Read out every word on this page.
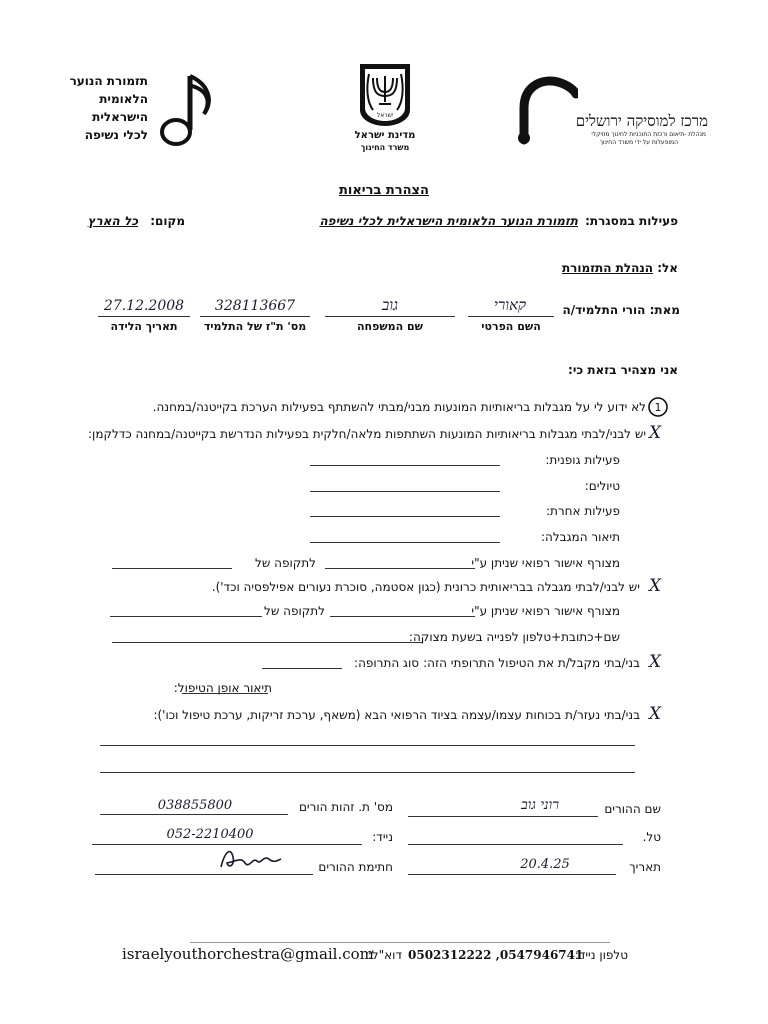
תזמורת הנוער
הלאומית
הישראלית
לכלי נשיפה
ישראל
מדינת ישראל
משרד החינוך
מרכז למוסיקה ירושלים
מנהלת -תיאום ורכזת התוכניות לחינוך מוזיקלי
המופעלות על ידי משרד החינוך
הצהרת בריאות
פעילות במסגרת:
תזמורת הנוער הלאומית הישראלית לכלי נשיפה
מקום:
כל הארץ
אל:
הנהלת התזמורת
מאת: הורי התלמיד/ה
קאורי
השם הפרטי
גוב
שם המשפחה
328113667
מס' ת"ז של התלמיד
27.12.2008
תאריך הלידה
אני מצהיר בזאת כי:
1
לא ידוע לי על מגבלות בריאותיות המונעות מבני/מבתי להשתתף בפעילות הערכת בקייטנה/במחנה.
X
יש לבני/לבתי מגבלות בריאותיות המונעות השתתפות מלאה/חלקית בפעילות הנדרשת בקייטנה/במחנה כדלקמן:
פעילות גופנית:
טיולים:
פעילות אחרת:
תיאור המגבלה:
מצורף אישור רפואי שניתן ע"י
לתקופה של
X
יש לבני/לבתי מגבלה בבריאותית כרונית (כגון אסטמה, סוכרת נעורים אפילפסיה וכד').
מצורף אישור רפואי שניתן ע"י
לתקופה של
שם+כתובת+טלפון לפנייה בשעת מצוקה:
X
בני/בתי מקבל/ת את הטיפול התרופתי הזה:
סוג התרופה:
תיאור אופן הטיפול:
X
בני/בתי נעזר/ת בכוחות עצמו/עצמה בציוד הרפואי הבא (משאף, ערכת זריקות, ערכת טיפול וכו'):
שם ההורים
רוני גוב
מס' ת. זהות הורים
038855800
טל.
נייד:
052-2210400
תאריך
20.4.25
חתימת ההורים
טלפון נייד:
0502312222 ,0547946741
דוא"ל:
israelyouthorchestra@gmail.com
